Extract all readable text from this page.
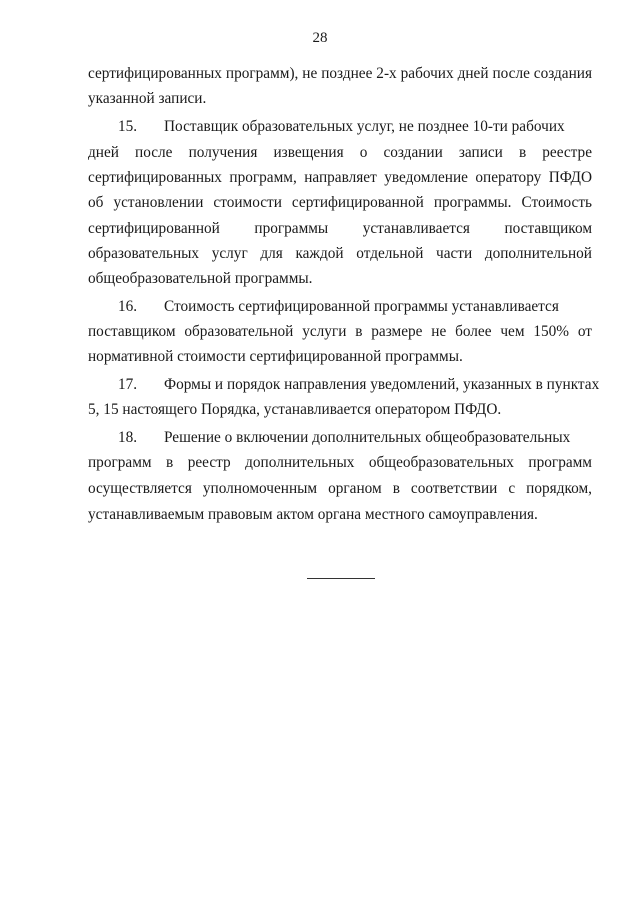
28
сертифицированных программ), не позднее 2-х рабочих дней после создания
указанной записи.
15. Поставщик образовательных услуг, не позднее 10-ти рабочих
дней после получения извещения о создании записи в реестре
сертифицированных программ, направляет уведомление оператору ПФДО
об установлении стоимости сертифицированной программы. Стоимость
сертифицированной программы устанавливается поставщиком
образовательных услуг для каждой отдельной части дополнительной
общеобразовательной программы.
16. Стоимость сертифицированной программы устанавливается
поставщиком образовательной услуги в размере не более чем 150% от
нормативной стоимости сертифицированной программы.
17. Формы и порядок направления уведомлений, указанных в пунктах
5, 15 настоящего Порядка, устанавливается оператором ПФДО.
18. Решение о включении дополнительных общеобразовательных
программ в реестр дополнительных общеобразовательных программ
осуществляется уполномоченным органом в соответствии с порядком,
устанавливаемым правовым актом органа местного самоуправления.
